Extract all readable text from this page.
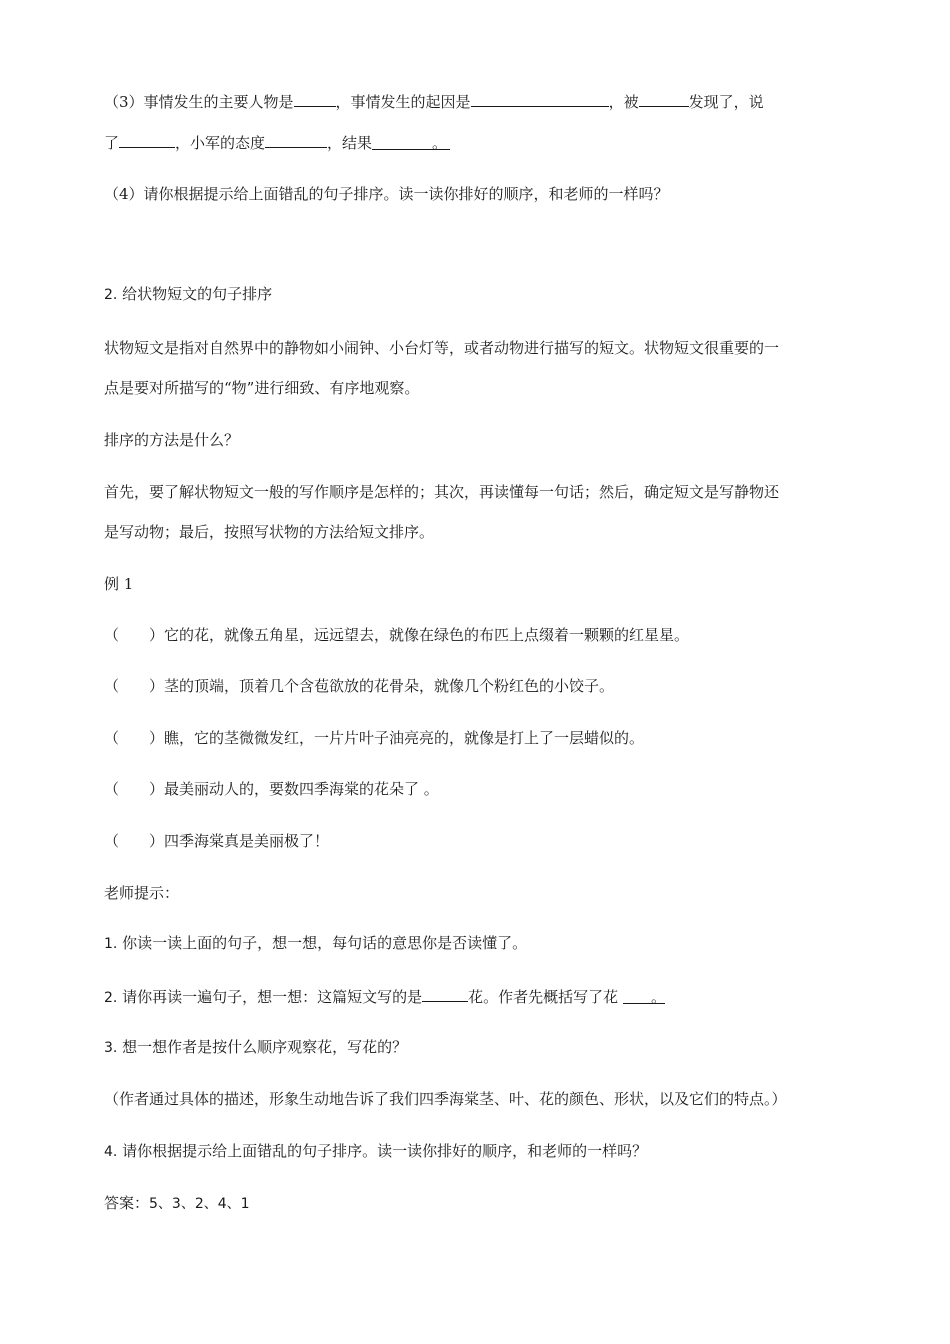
（3）事情发生的主要人物是	，事情发生的起因是	，被	发现了，说
了	，小军的态度	，结果	。
（4）请你根据提示给上面错乱的句子排序。读一读你排好的顺序，和老师的一样吗？
2. 给状物短文的句子排序
状物短文是指对自然界中的静物如小闹钟、小台灯等，或者动物进行描写的短文。状物短文很重要的一
点是要对所描写的“物”进行细致、有序地观察。
排序的方法是什么？
首先，要了解状物短文一般的写作顺序是怎样的；其次，再读懂每一句话；然后，确定短文是写静物还
是写动物；最后，按照写状物的方法给短文排序。
例 1
（　　）它的花，就像五角星，远远望去，就像在绿色的布匹上点缀着一颗颗的红星星。
（　　）茎的顶端，顶着几个含苞欲放的花骨朵，就像几个粉红色的小饺子。
（　　）瞧，它的茎微微发红，一片片叶子油亮亮的，就像是打上了一层蜡似的。
（　　）最美丽动人的，要数四季海棠的花朵了 。
（　　）四季海棠真是美丽极了！
老师提示：
1. 你读一读上面的句子，想一想，每句话的意思你是否读懂了。
2. 请你再读一遍句子，想一想：这篇短文写的是	花。作者先概括写了花 。
3. 想一想作者是按什么顺序观察花，写花的？
（作者通过具体的描述，形象生动地告诉了我们四季海棠茎、叶、花的颜色、形状，以及它们的特点。）
4. 请你根据提示给上面错乱的句子排序。读一读你排好的顺序，和老师的一样吗？
答案：5、3、2、4、1
